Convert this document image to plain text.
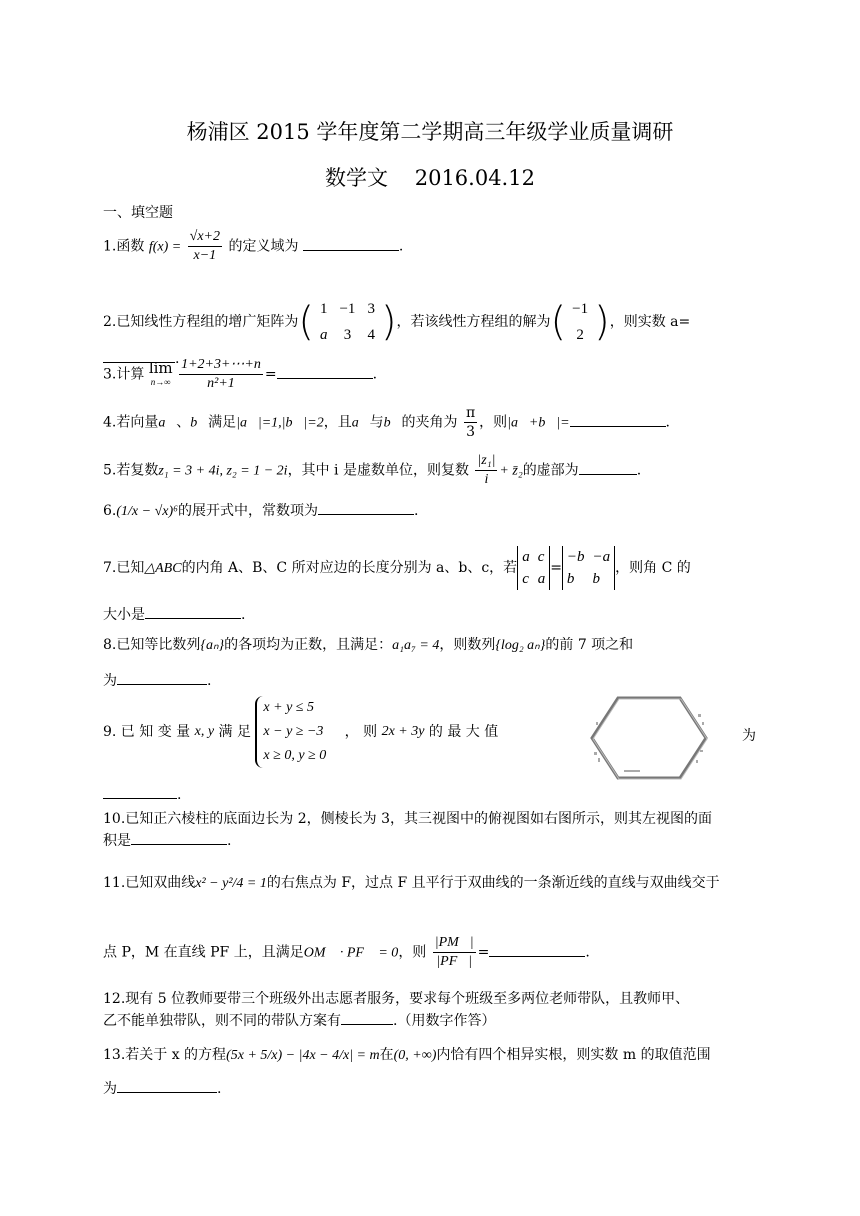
杨浦区 2015 学年度第二学期高三年级学业质量调研
数学文    2016.04.12
一、填空题
1.函数 $f(x) = \frac{√x+2}{x-1}$ 的定义域为	.
2.已知线性方程组的增广矩阵为( 1	−1	3
a	3	4 )，若该线性方程组的解为( −1
2 )，则实数 a=.
3.计算 lim
n→∞
$\frac{1+2+3+\cdots+n}{\text{n²+1}}$ =	.
4.若向量a⃗、b⃗满足|a⃗|=1,|b⃗|=2，且a⃗与b⃗的夹角为 $\frac{\pi}{3}$ ，则|a⃗+b⃗|=	.
5.若复数z₁ = 3 + 4i, z₂ = 1 − 2i，其中 i 是虚数单位，则复数 $\frac{\text{|z₁|}}{i}$ + z̄₂的虚部为	.
6.(1/x − √x)⁶的展开式中，常数项为	.
7.已知△ABC的内角 A、B、C 所对应边的长度分别为 a、b、c，若a	c
c	a=−b	−a
b	b，则角 C 的
大小是	.
8.已知等比数列{aₙ}的各项均为正数，且满足：a₁a₇ = 4，则数列{log₂ aₙ}的前 7 项之和
为	.
9. 已 知 变 量 x, y 满 足
x + y ≤ 5
x − y ≥ −3
x ≥ 0, y ≥ 0
， 则 2x + 3y 的 最 大 值	为
.
10.已知正六棱柱的底面边长为 2，侧棱长为 3，其三视图中的俯视图如右图所示，则其左视图的面
积是	.
11.已知双曲线x² − y²/4 = 1的右焦点为 F，过点 F 且平行于双曲线的一条渐近线的直线与双曲线交于
点 P，M 在直线 PF 上，且满足OM⃗ · PF⃗ = 0，则 $\frac{|PM⃗|}{|PF⃗|}$ =	.
12.现有 5 位教师要带三个班级外出志愿者服务，要求每个班级至多两位老师带队，且教师甲、
乙不能单独带队，则不同的带队方案有	.（用数字作答）
13.若关于 x 的方程(5x + 5/x) − |4x − 4/x| = m在(0, +∞)内恰有四个相异实根，则实数 m 的取值范围
为	.
